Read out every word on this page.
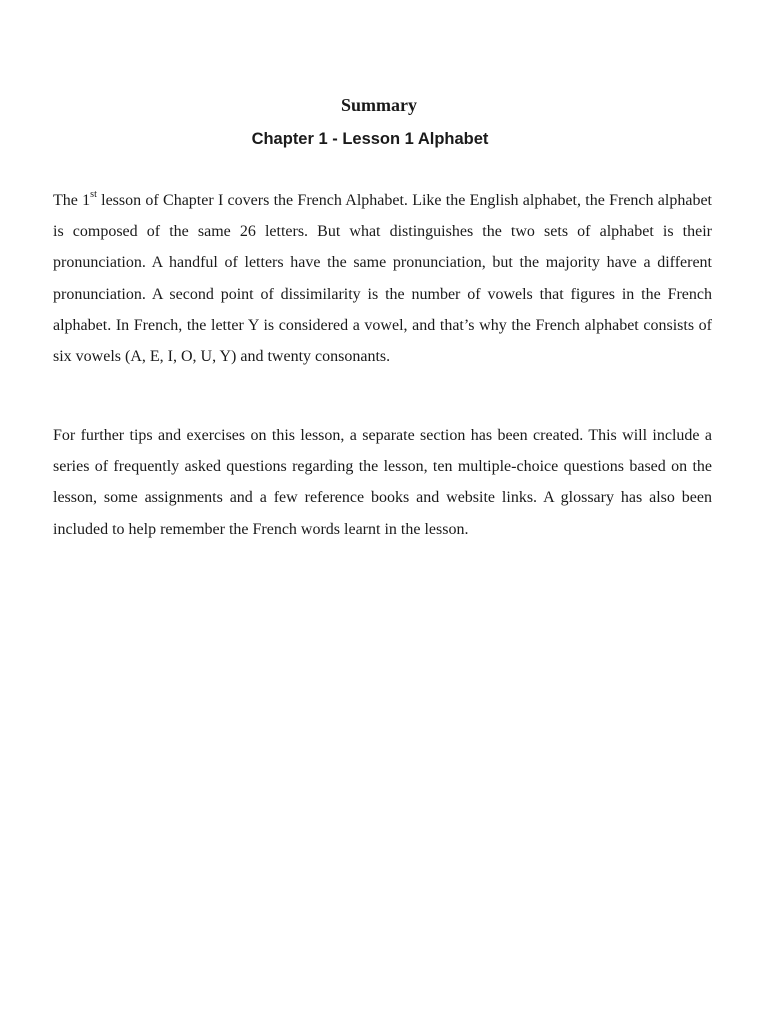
Summary
Chapter 1 - Lesson 1 Alphabet

The 1st lesson of Chapter I covers the French Alphabet. Like the English alphabet, the French alphabet is composed of the same 26 letters. But what distinguishes the two sets of alphabet is their pronunciation. A handful of letters have the same pronunciation, but the majority have a different pronunciation. A second point of dissimilarity is the number of vowels that figures in the French alphabet. In French, the letter Y is considered a vowel, and that’s why the French alphabet consists of six vowels (A, E, I, O, U, Y) and twenty consonants.

For further tips and exercises on this lesson, a separate section has been created. This will include a series of frequently asked questions regarding the lesson, ten multiple-choice questions based on the lesson, some assignments and a few reference books and website links. A glossary has also been included to help remember the French words learnt in the lesson.
